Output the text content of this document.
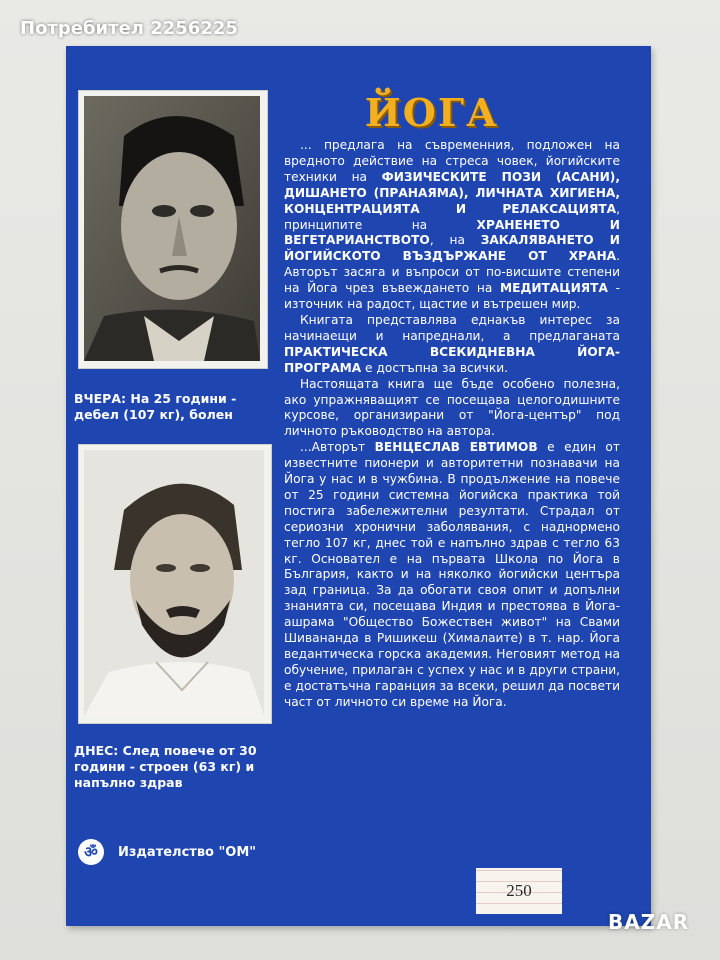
Потребител 2256225
ВЧЕРА: На 25 години - дебел (107 кг), болен
ДНЕС: След повече от 30 години - строен (63 кг) и напълно здрав
ЙОГА

... предлага на съвременния, подложен на вредното действие на стреса човек, йогийските техники на ФИЗИЧЕСКИТЕ ПОЗИ (АСАНИ), ДИШАНЕТО (ПРАНАЯМА), ЛИЧНАТА ХИГИЕНА, КОНЦЕНТРАЦИЯТА И РЕЛАКСАЦИЯТА, принципите на ХРАНЕНЕТО И ВЕГЕТАРИАНСТВОТО, на ЗАКАЛЯВАНЕТО И ЙОГИЙСКОТО ВЪЗДЪРЖАНЕ ОТ ХРАНА. Авторът засяга и въпроси от по-висшите степени на Йога чрез въвеждането на МЕДИТАЦИЯТА - източник на радост, щастие и вътрешен мир.

Книгата представлява еднакъв интерес за начинаещи и напреднали, а предлаганата ПРАКТИЧЕСКА ВСЕКИДНЕВНА ЙОГА-ПРОГРАМА е достъпна за всички.

Настоящата книга ще бъде особено полезна, ако упражняващият се посещава целогодишните курсове, организирани от "Йога-център" под личното ръководство на автора.

...Авторът ВЕНЦЕСЛАВ ЕВТИМОВ е един от известните пионери и авторитетни познавачи на Йога у нас и в чужбина. В продължение на повече от 25 години системна йогийска практика той постига забележителни резултати. Страдал от сериозни хронични заболявания, с наднормено тегло 107 кг, днес той е напълно здрав с тегло 63 кг. Основател е на първата Школа по Йога в България, както и на няколко йогийски центъра зад граница. За да обогати своя опит и допълни знанията си, посещава Индия и престоява в Йога-ашрама "Общество Божествен живот" на Свами Шивананда в Ришикеш (Хималаите) в т. нар. Йога ведантическа горска академия. Неговият метод на обучение, прилаган с успех у нас и в други страни, е достатъчна гаранция за всеки, решил да посвети част от личното си време на Йога.

ॐ	Издателство "ОМ"
250
BAZAR
